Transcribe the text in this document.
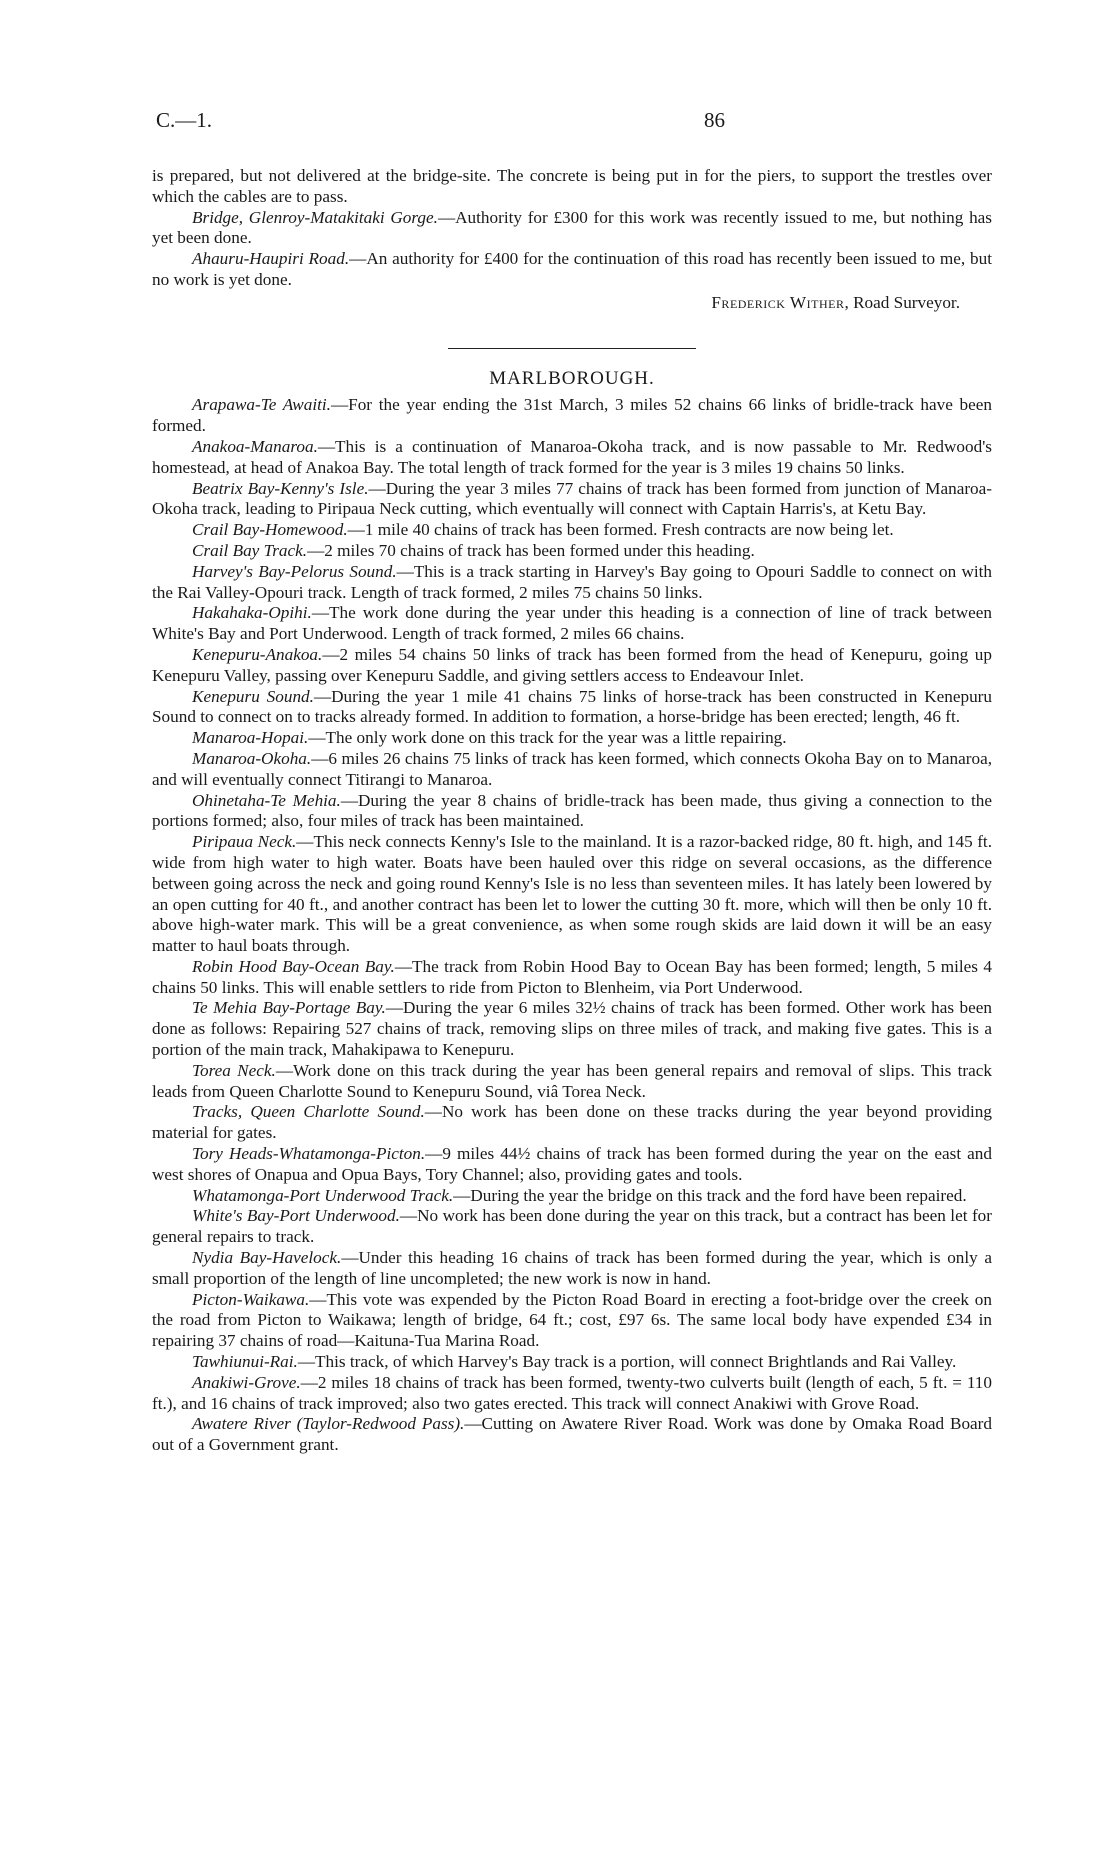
C.—1.	86

is prepared, but not delivered at the bridge-site. The concrete is being put in for the piers, to support the trestles over which the cables are to pass.

Bridge, Glenroy-Matakitaki Gorge.—Authority for £300 for this work was recently issued to me, but nothing has yet been done.

Ahauru-Haupiri Road.—An authority for £400 for the continuation of this road has recently been issued to me, but no work is yet done.

Frederick Wither, Road Surveyor.
MARLBOROUGH.

Arapawa-Te Awaiti.—For the year ending the 31st March, 3 miles 52 chains 66 links of bridle-track have been formed.

Anakoa-Manaroa.—This is a continuation of Manaroa-Okoha track, and is now passable to Mr. Redwood's homestead, at head of Anakoa Bay. The total length of track formed for the year is 3 miles 19 chains 50 links.

Beatrix Bay-Kenny's Isle.—During the year 3 miles 77 chains of track has been formed from junction of Manaroa-Okoha track, leading to Piripaua Neck cutting, which eventually will connect with Captain Harris's, at Ketu Bay.

Crail Bay-Homewood.—1 mile 40 chains of track has been formed. Fresh contracts are now being let.

Crail Bay Track.—2 miles 70 chains of track has been formed under this heading.

Harvey's Bay-Pelorus Sound.—This is a track starting in Harvey's Bay going to Opouri Saddle to connect on with the Rai Valley-Opouri track. Length of track formed, 2 miles 75 chains 50 links.

Hakahaka-Opihi.—The work done during the year under this heading is a connection of line of track between White's Bay and Port Underwood. Length of track formed, 2 miles 66 chains.

Kenepuru-Anakoa.—2 miles 54 chains 50 links of track has been formed from the head of Kenepuru, going up Kenepuru Valley, passing over Kenepuru Saddle, and giving settlers access to Endeavour Inlet.

Kenepuru Sound.—During the year 1 mile 41 chains 75 links of horse-track has been constructed in Kenepuru Sound to connect on to tracks already formed. In addition to formation, a horse-bridge has been erected; length, 46 ft.

Manaroa-Hopai.—The only work done on this track for the year was a little repairing.

Manaroa-Okoha.—6 miles 26 chains 75 links of track has keen formed, which connects Okoha Bay on to Manaroa, and will eventually connect Titirangi to Manaroa.

Ohinetaha-Te Mehia.—During the year 8 chains of bridle-track has been made, thus giving a connection to the portions formed; also, four miles of track has been maintained.

Piripaua Neck.—This neck connects Kenny's Isle to the mainland. It is a razor-backed ridge, 80 ft. high, and 145 ft. wide from high water to high water. Boats have been hauled over this ridge on several occasions, as the difference between going across the neck and going round Kenny's Isle is no less than seventeen miles. It has lately been lowered by an open cutting for 40 ft., and another contract has been let to lower the cutting 30 ft. more, which will then be only 10 ft. above high-water mark. This will be a great convenience, as when some rough skids are laid down it will be an easy matter to haul boats through.

Robin Hood Bay-Ocean Bay.—The track from Robin Hood Bay to Ocean Bay has been formed; length, 5 miles 4 chains 50 links. This will enable settlers to ride from Picton to Blenheim, via Port Underwood.

Te Mehia Bay-Portage Bay.—During the year 6 miles 32½ chains of track has been formed. Other work has been done as follows: Repairing 527 chains of track, removing slips on three miles of track, and making five gates. This is a portion of the main track, Mahakipawa to Kenepuru.

Torea Neck.—Work done on this track during the year has been general repairs and removal of slips. This track leads from Queen Charlotte Sound to Kenepuru Sound, viâ Torea Neck.

Tracks, Queen Charlotte Sound.—No work has been done on these tracks during the year beyond providing material for gates.

Tory Heads-Whatamonga-Picton.—9 miles 44½ chains of track has been formed during the year on the east and west shores of Onapua and Opua Bays, Tory Channel; also, providing gates and tools.

Whatamonga-Port Underwood Track.—During the year the bridge on this track and the ford have been repaired.

White's Bay-Port Underwood.—No work has been done during the year on this track, but a contract has been let for general repairs to track.

Nydia Bay-Havelock.—Under this heading 16 chains of track has been formed during the year, which is only a small proportion of the length of line uncompleted; the new work is now in hand.

Picton-Waikawa.—This vote was expended by the Picton Road Board in erecting a foot-bridge over the creek on the road from Picton to Waikawa; length of bridge, 64 ft.; cost, £97 6s. The same local body have expended £34 in repairing 37 chains of road—Kaituna-Tua Marina Road.

Tawhiunui-Rai.—This track, of which Harvey's Bay track is a portion, will connect Brightlands and Rai Valley.

Anakiwi-Grove.—2 miles 18 chains of track has been formed, twenty-two culverts built (length of each, 5 ft. = 110 ft.), and 16 chains of track improved; also two gates erected. This track will connect Anakiwi with Grove Road.

Awatere River (Taylor-Redwood Pass).—Cutting on Awatere River Road. Work was done by Omaka Road Board out of a Government grant.
